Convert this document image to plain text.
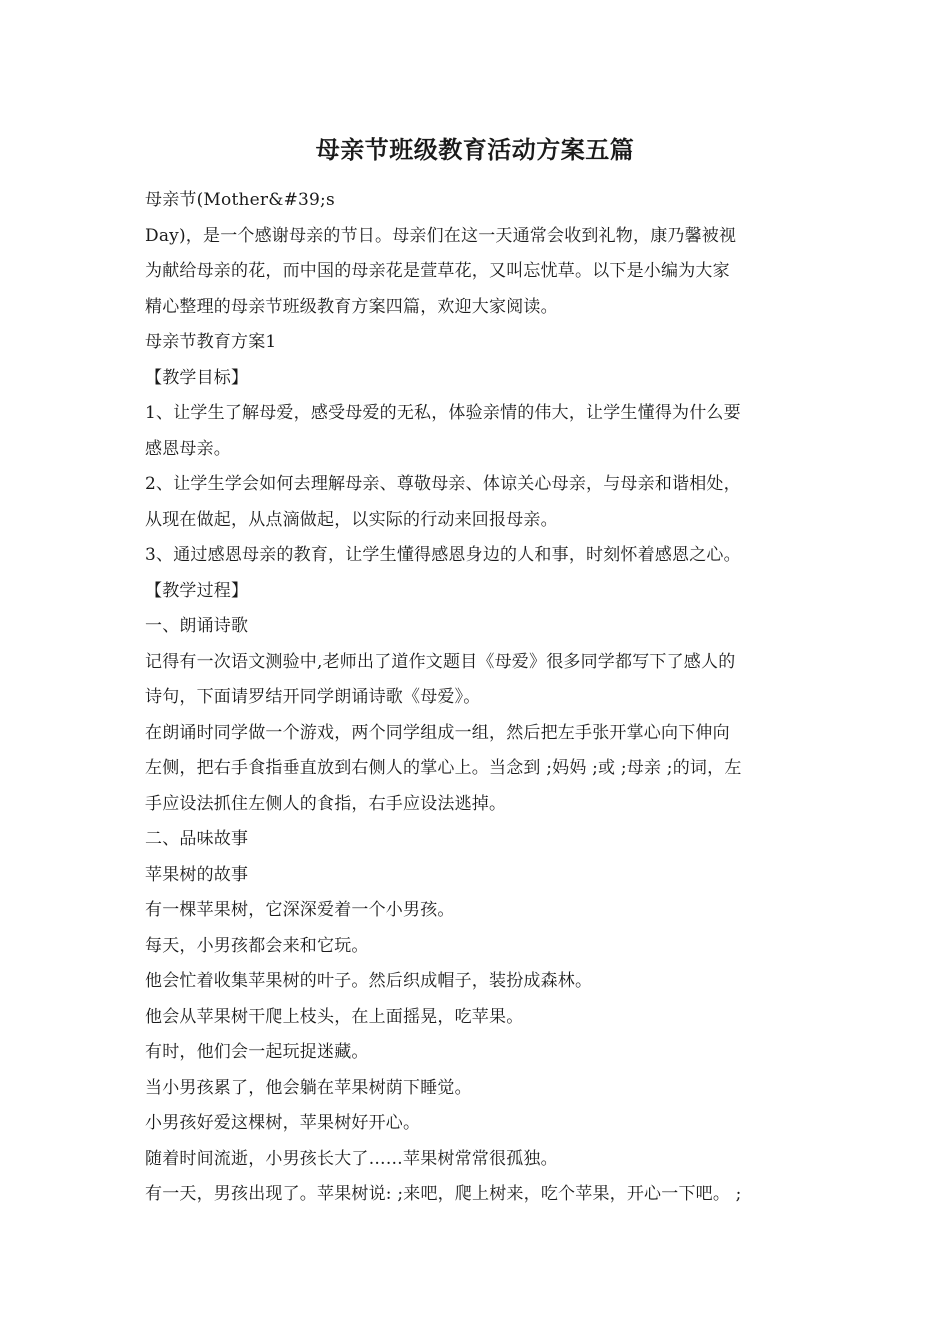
母亲节班级教育活动方案五篇

母亲节(Mother&#39;s

Day)，是一个感谢母亲的节日。母亲们在这一天通常会收到礼物，康乃馨被视

为献给母亲的花，而中国的母亲花是萱草花，又叫忘忧草。以下是小编为大家

精心整理的母亲节班级教育方案四篇，欢迎大家阅读。

母亲节教育方案1

【教学目标】

1、让学生了解母爱，感受母爱的无私，体验亲情的伟大，让学生懂得为什么要

感恩母亲。

2、让学生学会如何去理解母亲、尊敬母亲、体谅关心母亲，与母亲和谐相处，

从现在做起，从点滴做起，以实际的行动来回报母亲。

3、通过感恩母亲的教育，让学生懂得感恩身边的人和事，时刻怀着感恩之心。

【教学过程】

一、朗诵诗歌

记得有一次语文测验中,老师出了道作文题目《母爱》很多同学都写下了感人的

诗句，下面请罗结开同学朗诵诗歌《母爱》。

在朗诵时同学做一个游戏，两个同学组成一组，然后把左手张开掌心向下伸向

左侧，把右手食指垂直放到右侧人的掌心上。当念到 ;妈妈 ;或 ;母亲 ;的词，左

手应设法抓住左侧人的食指，右手应设法逃掉。

二、品味故事

苹果树的故事

有一棵苹果树，它深深爱着一个小男孩。

每天，小男孩都会来和它玩。

他会忙着收集苹果树的叶子。然后织成帽子，装扮成森林。

他会从苹果树干爬上枝头，在上面摇晃，吃苹果。

有时，他们会一起玩捉迷藏。

当小男孩累了，他会躺在苹果树荫下睡觉。

小男孩好爱这棵树，苹果树好开心。

随着时间流逝，小男孩长大了……苹果树常常很孤独。

有一天，男孩出现了。苹果树说: ;来吧，爬上树来，吃个苹果，开心一下吧。 ;
